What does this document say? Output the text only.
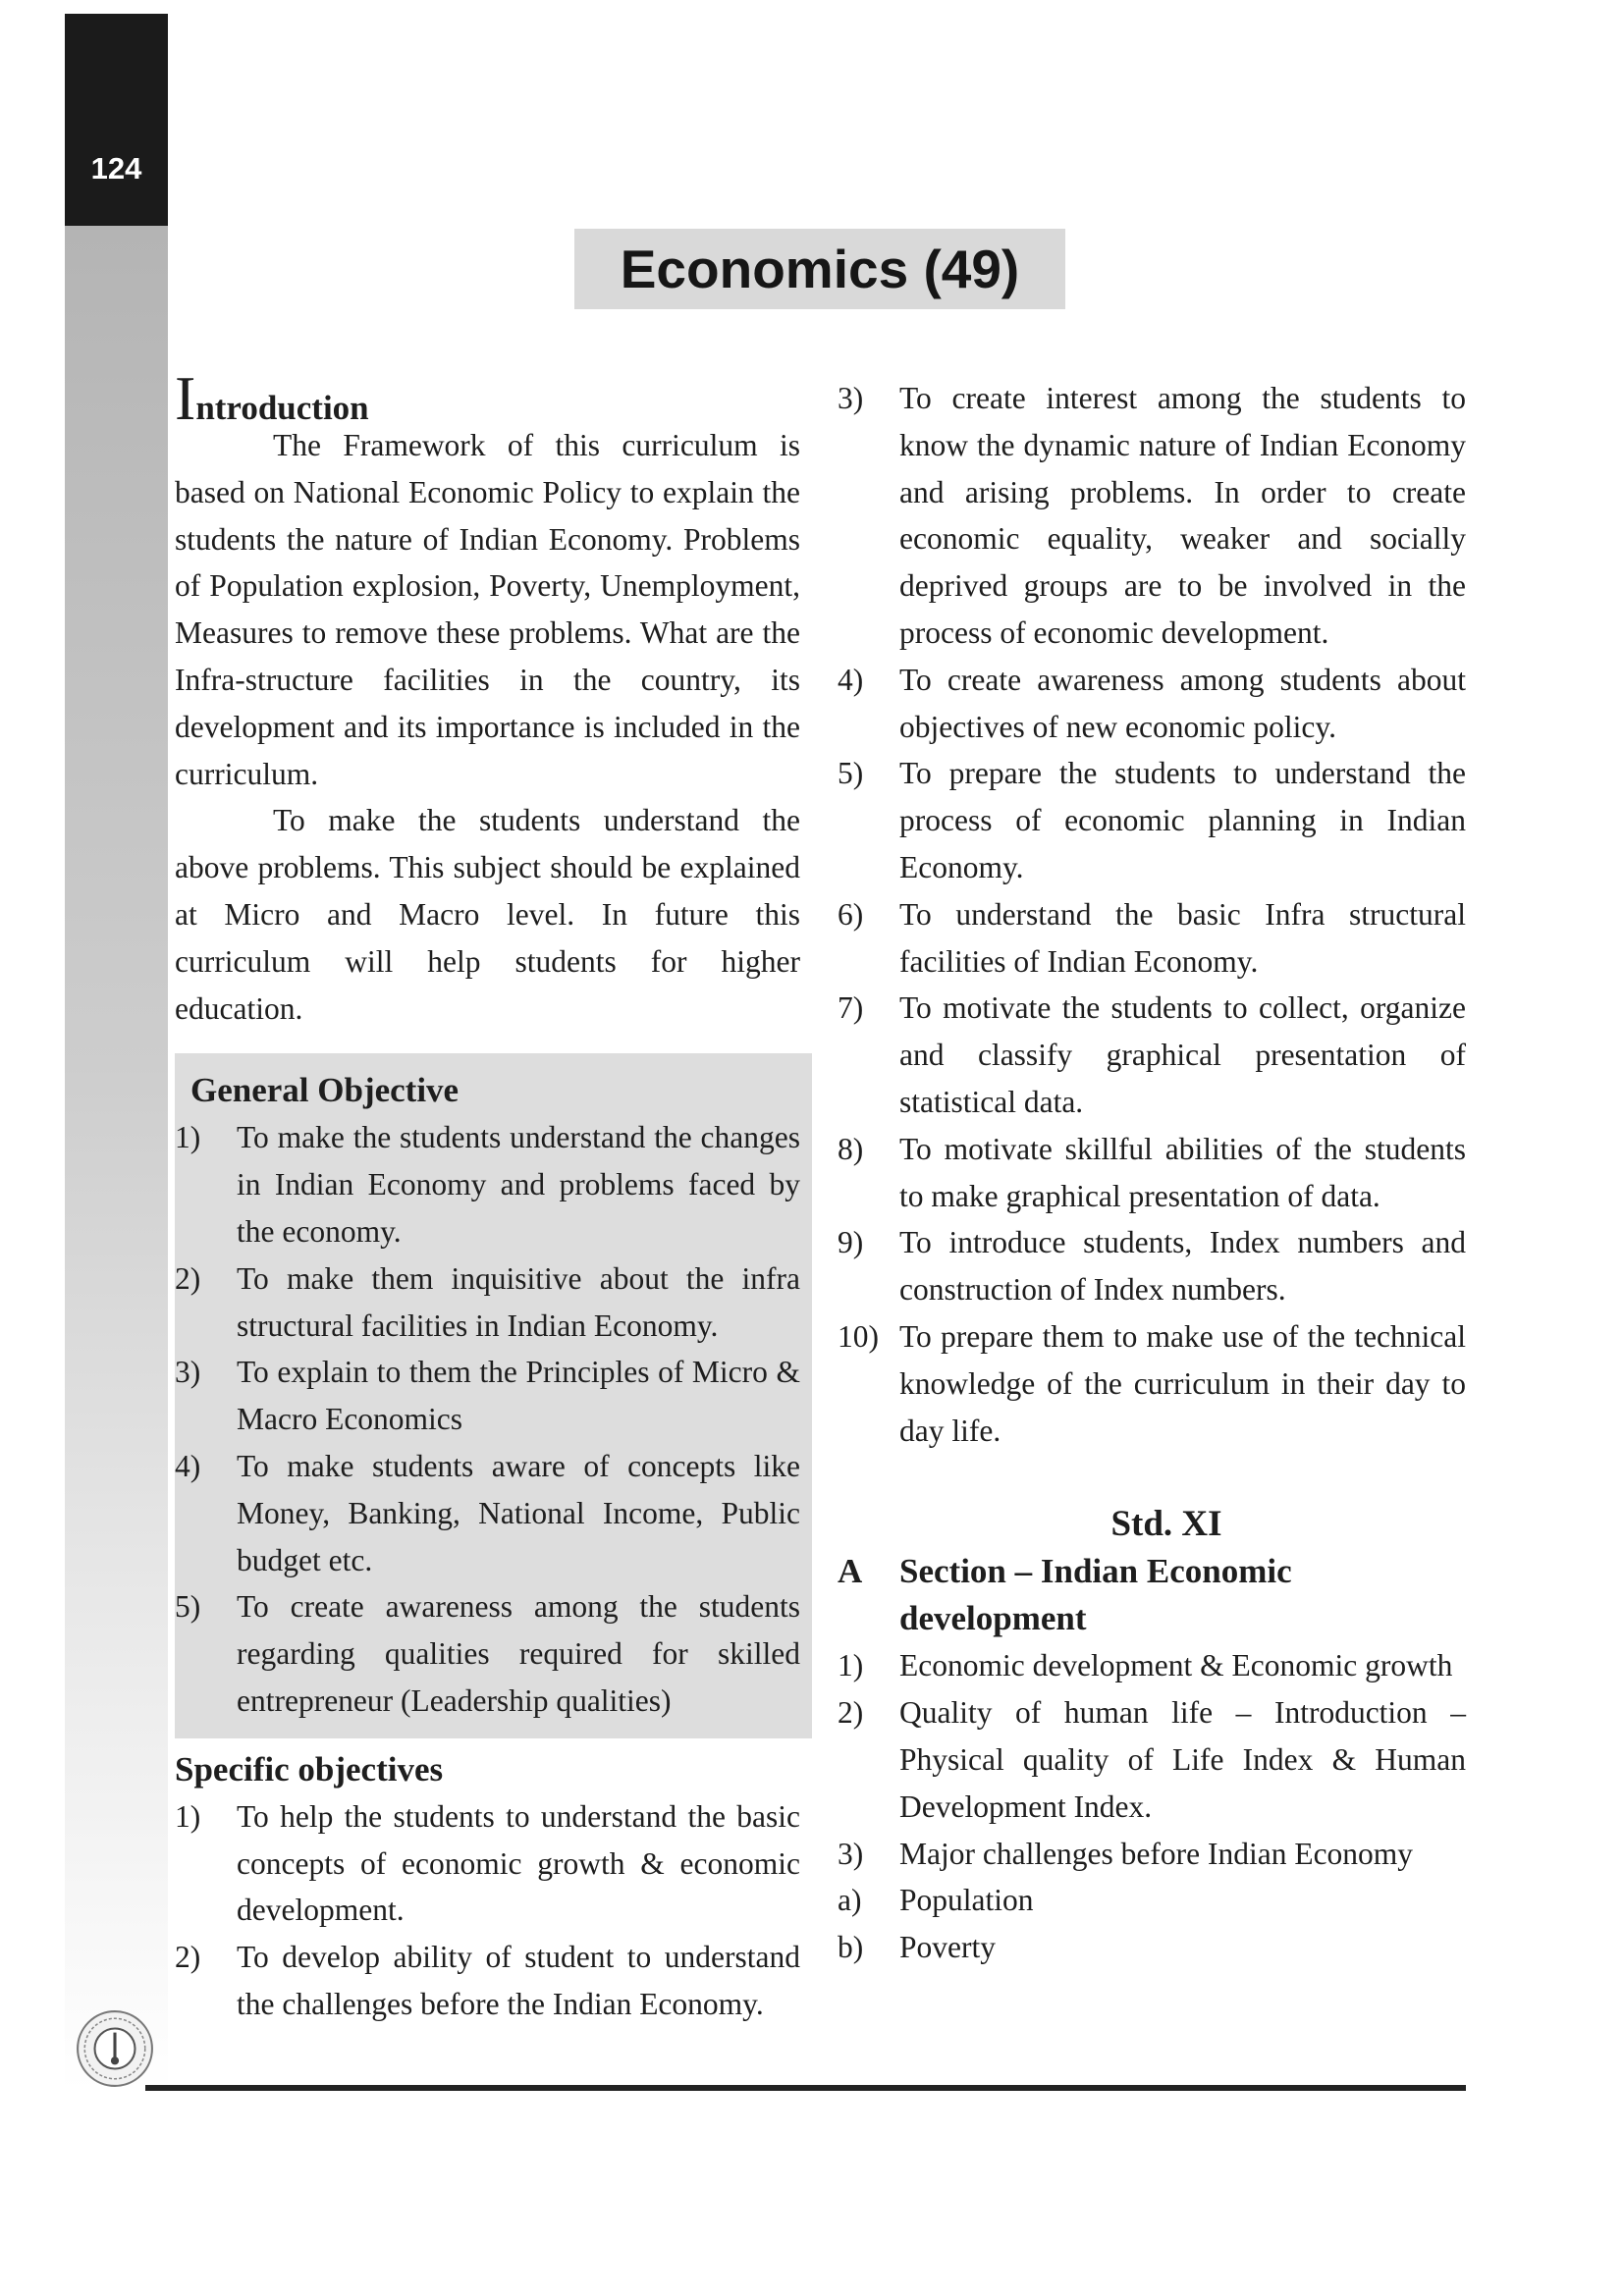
124
Economics (49)
Introduction

The Framework of this curriculum is based on National Economic Policy to explain the students the nature of Indian Economy. Problems of Population explosion, Poverty, Unemployment, Measures to remove these problems. What are the Infra-structure facilities in the country, its development and its importance is included in the curriculum.

To make the students understand the above problems. This subject should be explained at Micro and Macro level. In future this curriculum will help students for higher education.

General Objective
1)	To make the students understand the changes in Indian Economy and problems faced by the economy.
2)	To make them inquisitive about the infra structural facilities in Indian Economy.
3)	To explain to them the Principles of Micro & Macro Economics
4)	To make students aware of concepts like Money, Banking, National Income, Public budget etc.
5)	To create awareness among the students regarding qualities required for skilled entrepreneur (Leadership qualities)
Specific objectives
1)	To help the students to understand the basic concepts of economic growth & economic development.
2)	To develop ability of student to understand the challenges before the Indian Economy.
3)	To create interest among the students to know the dynamic nature of Indian Economy and arising problems. In order to create economic equality, weaker and socially deprived groups are to be involved in the process of economic development.
4)	To create awareness among students about objectives of new economic policy.
5)	To prepare the students to understand the process of economic planning in Indian Economy.
6)	To understand the basic Infra structural facilities of Indian Economy.
7)	To motivate the students to collect, organize and classify graphical presentation of statistical data.
8)	To motivate skillful abilities of the students to make graphical presentation of data.
9)	To introduce students, Index numbers and construction of Index numbers.
10) To prepare them to make use of the technical knowledge of the curriculum in their day to day life.
Std. XI
A	Section – Indian Economic development
1)	Economic development & Economic growth
2)	Quality of human life – Introduction – Physical quality of Life Index & Human Development Index.
3)	Major challenges before Indian Economy
a)	Population
b)	Poverty
